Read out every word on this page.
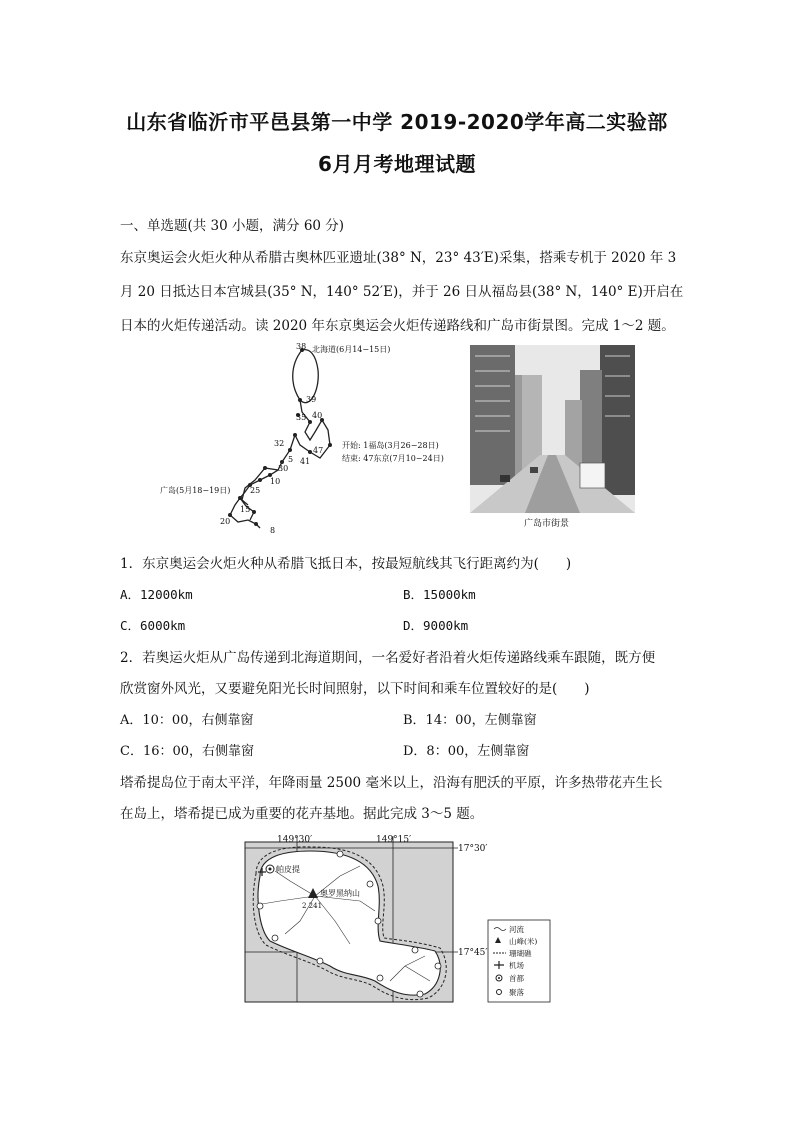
山东省临沂市平邑县第一中学 2019-2020学年高二实验部
6月月考地理试题
一、单选题(共 30 小题，满分 60 分)
东京奥运会火炬火种从希腊古奥林匹亚遗址(38° N，23° 43′E)采集，搭乘专机于 2020 年 3
月 20 日抵达日本宫城县(35° N，140° 52′E)，并于 26 日从福岛县(38° N，140° E)开启在
日本的火炬传递活动。读 2020 年东京奥运会火炬传递路线和广岛市街景图。完成 1～2 题。
38
39
35 40
32
5 41
47
30
10
25
15
20
8
北海道(6月14−15日)
广岛(5月18−19日)
开始: 1福岛(3月26−28日)
结束: 47东京(7月10−24日)
广岛市街景
1．东京奥运会火炬火种从希腊飞抵日本，按最短航线其飞行距离约为(　　)
A．12000km	B．15000km
C．6000km	D．9000km
2．若奥运火炬从广岛传递到北海道期间，一名爱好者沿着火炬传递路线乘车跟随，既方便
欣赏窗外风光，又要避免阳光长时间照射，以下时间和乘车位置较好的是(　　)
A．10：00，右侧靠窗	B．14：00，左侧靠窗
C．16：00，右侧靠窗	D．8：00，左侧靠窗
塔希提岛位于南太平洋，年降雨量 2500 毫米以上，沿海有肥沃的平原，许多热带花卉生长
在岛上，塔希提已成为重要的花卉基地。据此完成 3～5 题。
149°30′	149°15′
17°30′
17°45′
帕皮提
奥罗黑纳山
2 241
河流
山峰(米)
珊瑚礁
机场
首都
聚落
